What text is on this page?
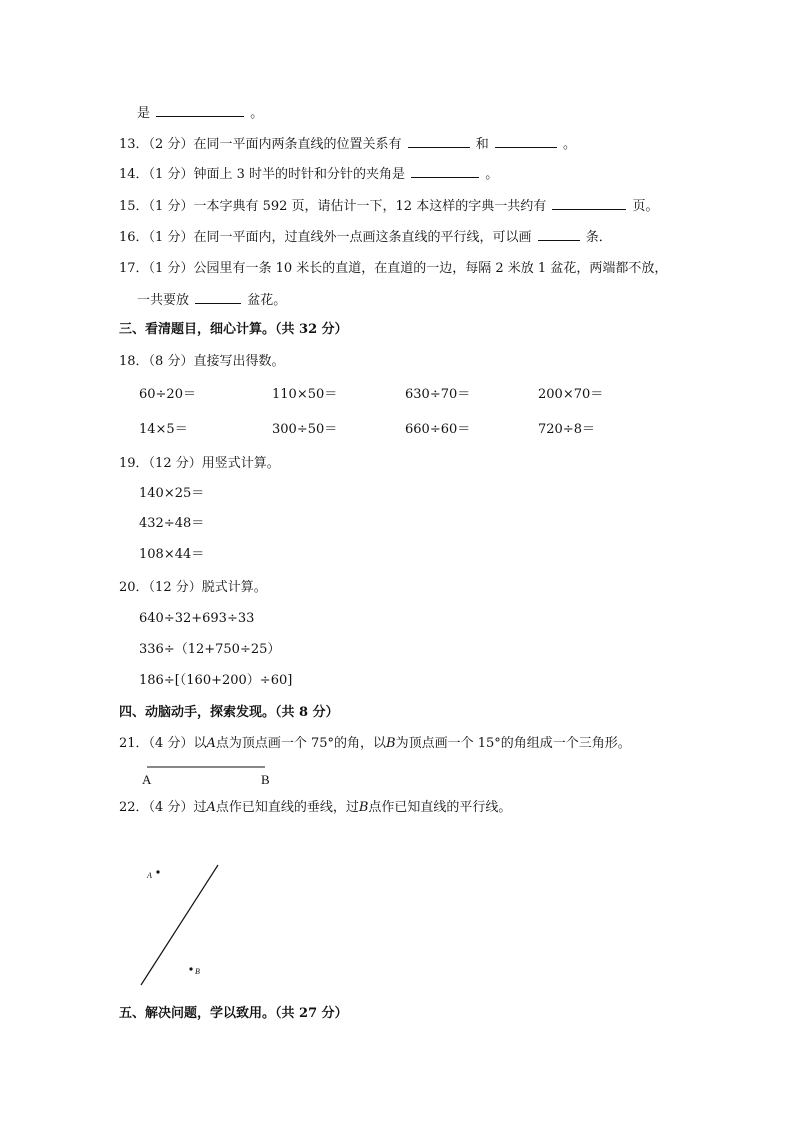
是	。
13．（2 分）在同一平面内两条直线的位置关系有	和	。
14．（1 分）钟面上 3 时半的时针和分针的夹角是	。
15．（1 分）一本字典有 592 页，请估计一下，12 本这样的字典一共约有	页。
16．（1 分）在同一平面内，过直线外一点画这条直线的平行线，可以画	条．
17．（1 分）公园里有一条 10 米长的直道，在直道的一边，每隔 2 米放 1 盆花，两端都不放，
一共要放	盆花。
三、看清题目，细心计算。（共 32 分）
18．（8 分）直接写出得数。
60÷20＝	110×50＝	630÷70＝	200×70＝
14×5＝	300÷50＝	660÷60＝	720÷8＝
19．（12 分）用竖式计算。
140×25＝
432÷48＝
108×44＝
20．（12 分）脱式计算。
640÷32+693÷33
336÷（12+750÷25）
186÷[（160+200）÷60]
四、动脑动手，探索发现。（共 8 分）
21．（4 分）以A点为顶点画一个 75°的角，以B为顶点画一个 15°的角组成一个三角形。
A	B
22．（4 分）过A点作已知直线的垂线，过B点作已知直线的平行线。
A
B
五、解决问题，学以致用。（共 27 分）
